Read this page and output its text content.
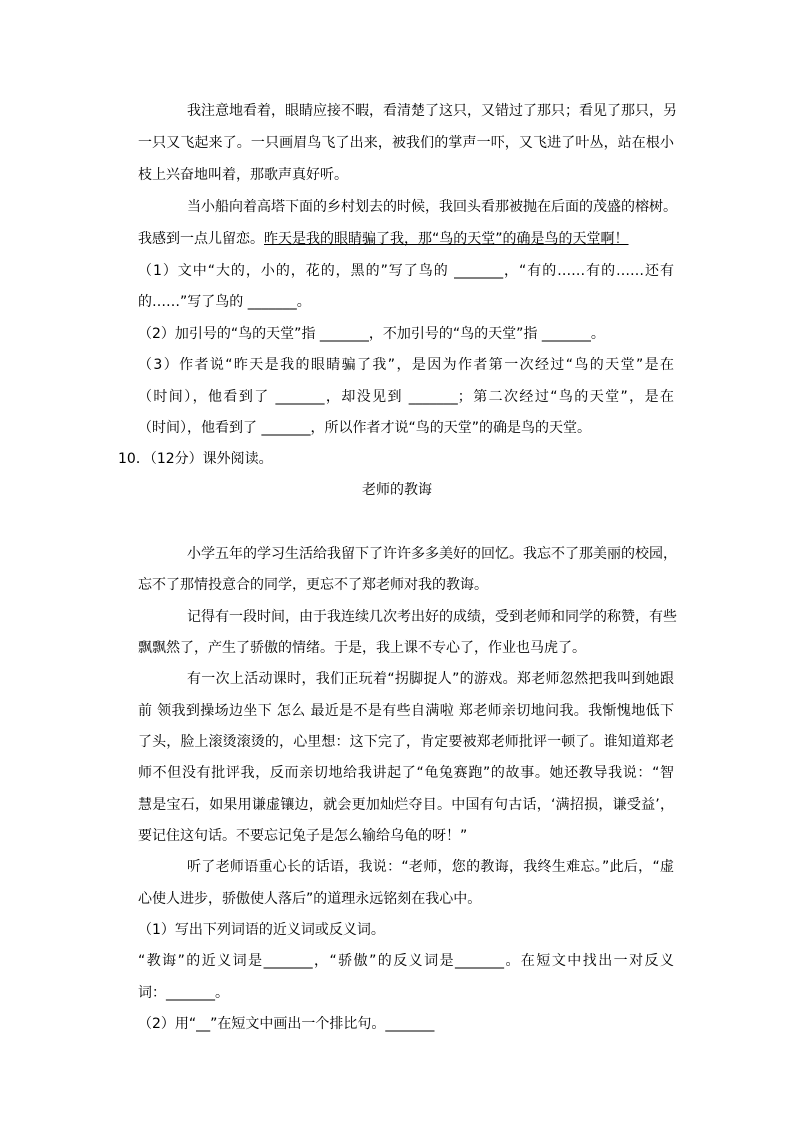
我注意地看着，眼睛应接不暇，看清楚了这只，又错过了那只；看见了那只，另
一只又飞起来了。一只画眉鸟飞了出来，被我们的掌声一吓，又飞进了叶丛，站在根小
枝上兴奋地叫着，那歌声真好听。
当小船向着高塔下面的乡村划去的时候，我回头看那被抛在后面的茂盛的榕树。
我感到一点儿留恋。昨天是我的眼睛骗了我，那“鸟的天堂”的确是鸟的天堂啊！
（1）文中“大的，小的，花的，黑的”写了鸟的 _______，“有的……有的……还有
的……”写了鸟的 _______。
（2）加引号的“鸟的天堂”指 _______，不加引号的“鸟的天堂”指 _______。
（3）作者说“昨天是我的眼睛骗了我”，是因为作者第一次经过“鸟的天堂”是在
（时间），他看到了 _______，却没见到 _______；第二次经过“鸟的天堂”，是在
（时间），他看到了 _______，所以作者才说“鸟的天堂”的确是鸟的天堂。
10．（12分）课外阅读。
老师的教诲
小学五年的学习生活给我留下了许许多多美好的回忆。我忘不了那美丽的校园，
忘不了那情投意合的同学，更忘不了郑老师对我的教诲。
记得有一段时间，由于我连续几次考出好的成绩，受到老师和同学的称赞，有些
飘飘然了，产生了骄傲的情绪。于是，我上课不专心了，作业也马虎了。
有一次上活动课时，我们正玩着“拐脚捉人”的游戏。郑老师忽然把我叫到她跟
前 领我到操场边坐下 怎么 最近是不是有些自满啦 郑老师亲切地问我。我惭愧地低下
了头，脸上滚烫滚烫的，心里想：这下完了，肯定要被郑老师批评一顿了。谁知道郑老
师不但没有批评我，反而亲切地给我讲起了“龟兔赛跑”的故事。她还教导我说：“智
慧是宝石，如果用谦虚镶边，就会更加灿烂夺目。中国有句古话，‘满招损，谦受益’，
要记住这句话。不要忘记兔子是怎么输给乌龟的呀！”
听了老师语重心长的话语，我说：“老师，您的教诲，我终生难忘。”此后，“虚
心使人进步，骄傲使人落后”的道理永远铭刻在我心中。
（1）写出下列词语的近义词或反义词。
“教诲”的近义词是_______，“骄傲”的反义词是_______。在短文中找出一对反义
词：_______。
（2）用“__”在短文中画出一个排比句。_______
